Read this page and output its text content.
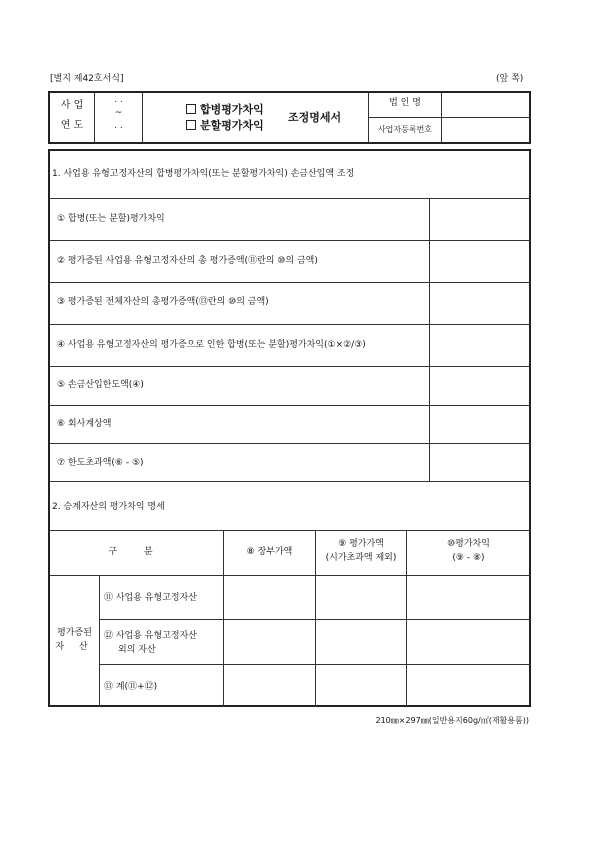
[별지 제42호서식]	(앞 쪽)
사 업
연 도
. .
~
. .
합병평가차익
분할평가차익
조정명세서
법 인 명
사업자등록번호
1. 사업용 유형고정자산의 합병평가차익(또는 분할평가차익) 손금산입액 조정
① 합병(또는 분할)평가차익
② 평가증된 사업용 유형고정자산의 총 평가증액(⑪란의 ⑩의 금액)
③ 평가증된 전체자산의 총평가증액(⑬란의 ⑩의 금액)
④ 사업용 유형고정자산의 평가증으로 인한 합병(또는 분할)평가차익(①×②/③)
⑤ 손금산입한도액(④)
⑥ 회사계상액
⑦ 한도초과액(⑥ - ⑤)
2. 승계자산의 평가차익 명세
구 분	⑧ 장부가액
⑨ 평가가액
(시가초과액 제외)
⑩평가차익
(⑨ - ⑧)
평가증된
자 산
⑪ 사업용 유형고정자산
⑫ 사업용 유형고정자산
외의 자산
⑬ 계(⑪+⑫)
210㎜×297㎜(일반용지60g/㎡(재활용품))
